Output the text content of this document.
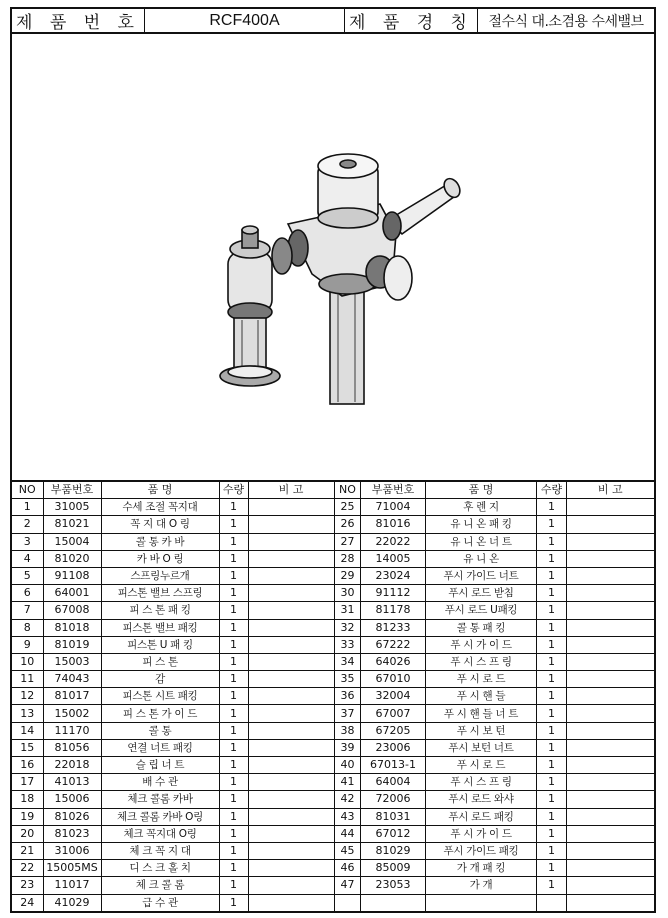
제 품 번 호	RCF400A	제 품 경 칭	절수식 대.소겸용 수세밸브
NO	부품번호	품 명	수량	비 고
1	31005	수세 조절 꼭지대	1	
2	81021	꼭 지 대 O 링	1	
3	15004	콜 통 카 바	1	
4	81020	카 바 O 링	1	
5	91108	스프링누르개	1	
6	64001	피스톤 밸브 스프링	1	
7	67008	피 스 톤 패 킹	1	
8	81018	피스톤 밸브 패킹	1	
9	81019	피스톤 U 패 킹	1	
10	15003	피 스 톤	1	
11	74043	감	1	
12	81017	피스톤 시트 패킹	1	
13	15002	피 스 톤 가 이 드	1	
14	11170	콜 통	1	
15	81056	연결 너트 패킹	1	
16	22018	슬 립 너 트	1	
17	41013	배 수 관	1	
18	15006	체크 콜롬 카바	1	
19	81026	체크 콜롬 카바 O링	1	
20	81023	체크 꼭지대 O링	1	
21	31006	체 크 꼭 지 대	1	
22	15005MS	디 스 크 홀 치	1	
23	11017	체 크 콜 롬	1	
24	41029	급 수 관	1	
NO	부품번호	품 명	수량	비 고
25	71004	후 렌 지	1	
26	81016	유 니 온 패 킹	1	
27	22022	유 니 온 너 트	1	
28	14005	유 니 온	1	
29	23024	푸시 가이드 너트	1	
30	91112	푸시 로드 받침	1	
31	81178	푸시 로드 U패킹	1	
32	81233	콜 통 패 킹	1	
33	67222	푸 시 가 이 드	1	
34	64026	푸 시 스 프 링	1	
35	67010	푸 시 로 드	1	
36	32004	푸 시 핸 들	1	
37	67007	푸 시 핸 들 너 트	1	
38	67205	푸 시 보 턴	1	
39	23006	푸시 보턴 너트	1	
40	67013-1	푸 시 로 드	1	
41	64004	푸 시 스 프 링	1	
42	72006	푸시 로드 와샤	1	
43	81031	푸시 로드 패킹	1	
44	67012	푸 시 가 이 드	1	
45	81029	푸시 가이드 패킹	1	
46	85009	가 개 패 킹	1	
47	23053	가 개	1	
